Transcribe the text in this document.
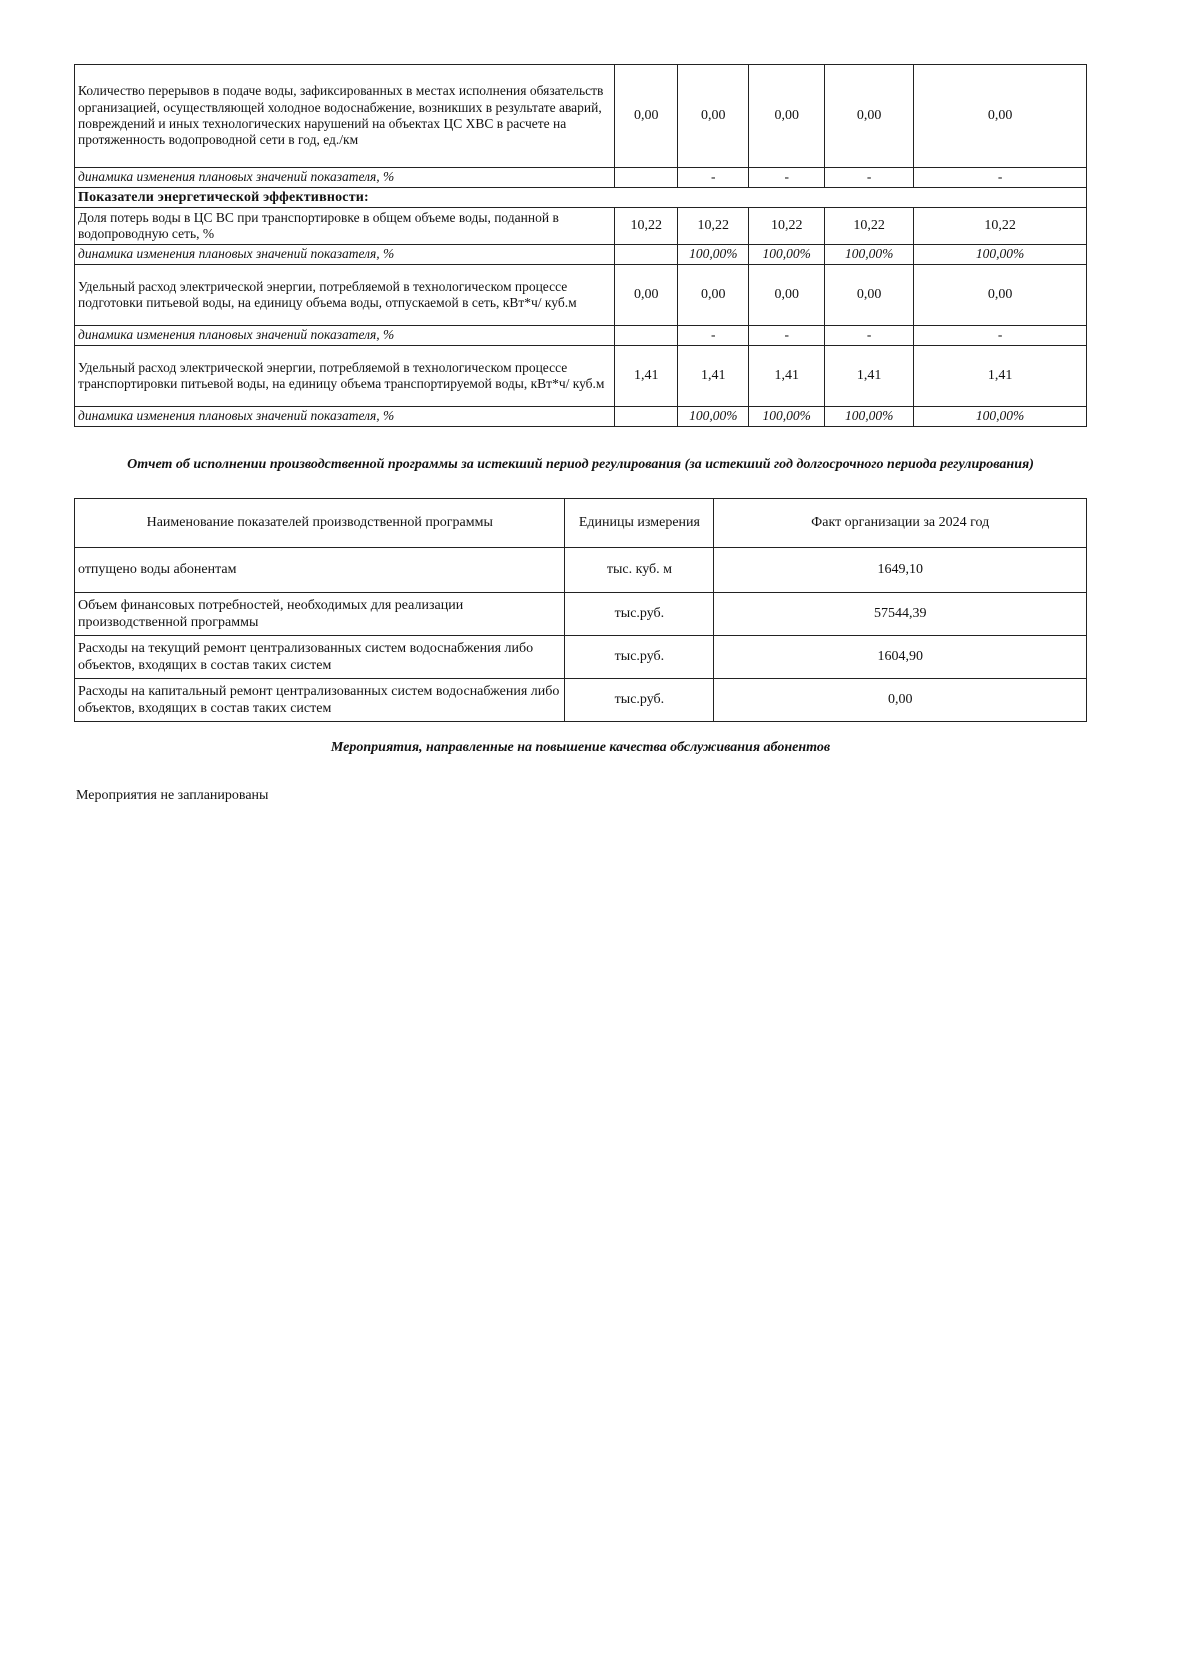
Количество перерывов в подаче воды, зафиксированных в местах исполнения обязательств организацией, осуществляющей холодное водоснабжение, возникших в результате аварий, повреждений и иных технологических нарушений на объектах ЦС ХВС в расчете на протяженность водопроводной сети в год, ед./км	0,00	0,00	0,00	0,00	0,00
динамика изменения плановых значений показателя, %		-	-	-	-
Показатели энергетической эффективности:					
Доля потерь воды в ЦС ВС при транспортировке в общем объеме воды, поданной в водопроводную сеть, %	10,22	10,22	10,22	10,22	10,22
динамика изменения плановых значений показателя, %		100,00%	100,00%	100,00%	100,00%
Удельный расход электрической энергии, потребляемой в технологическом процессе подготовки питьевой воды, на единицу объема воды, отпускаемой в сеть, кВт*ч/ куб.м	0,00	0,00	0,00	0,00	0,00
динамика изменения плановых значений показателя, %		-	-	-	-
Удельный расход электрической энергии, потребляемой в технологическом процессе транспортировки питьевой воды, на единицу объема транспортируемой воды, кВт*ч/ куб.м	1,41	1,41	1,41	1,41	1,41
динамика изменения плановых значений показателя, %		100,00%	100,00%	100,00%	100,00%
Отчет об исполнении производственной программы за истекший период регулирования (за истекший год долгосрочного периода регулирования)
Наименование показателей производственной программы	Единицы измерения	Факт организации за 2024 год
отпущено воды абонентам	тыс. куб. м	1649,10
Объем финансовых потребностей, необходимых для реализации производственной программы	тыс.руб.	57544,39
Расходы на текущий ремонт централизованных систем водоснабжения либо объектов, входящих в состав таких систем	тыс.руб.	1604,90
Расходы на капитальный ремонт централизованных систем водоснабжения либо объектов, входящих в состав таких систем	тыс.руб.	0,00
Мероприятия, направленные на повышение качества обслуживания абонентов
Мероприятия не запланированы
